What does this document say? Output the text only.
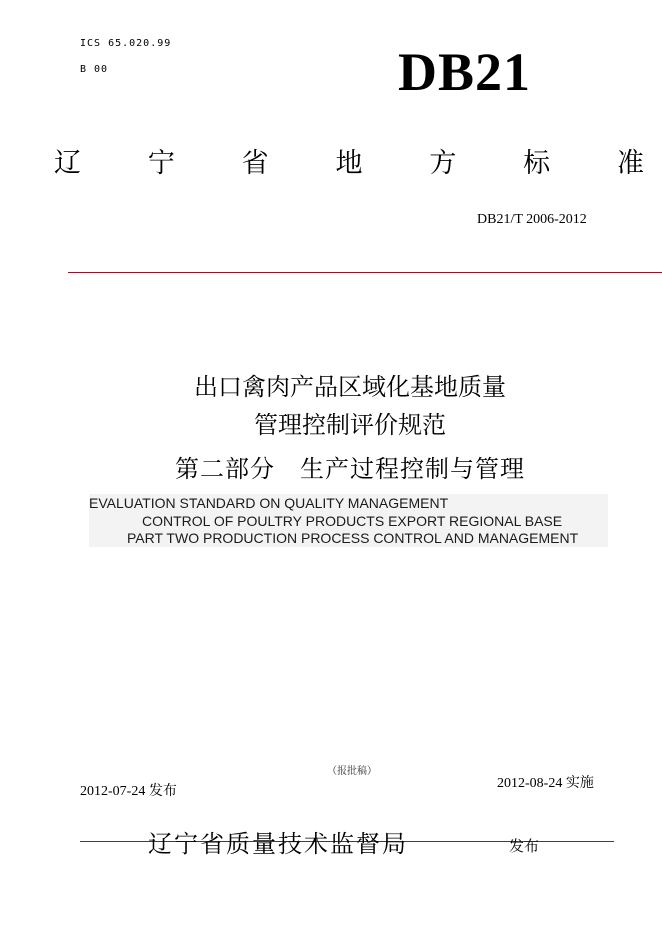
ICS 65.020.99
B 00	DB21
辽 宁 省 地 方 标 准
DB21/T 2006-2012
出口禽肉产品区域化基地质量
管理控制评价规范
第二部分　生产过程控制与管理
EVALUATION STANDARD ON QUALITY MANAGEMENT
CONTROL OF POULTRY PRODUCTS EXPORT REGIONAL BASE
PART TWO PRODUCTION PROCESS CONTROL AND MANAGEMENT
（报批稿）
2012-07-24 发布
2012-08-24 实施
辽宁省质量技术监督局	发布
